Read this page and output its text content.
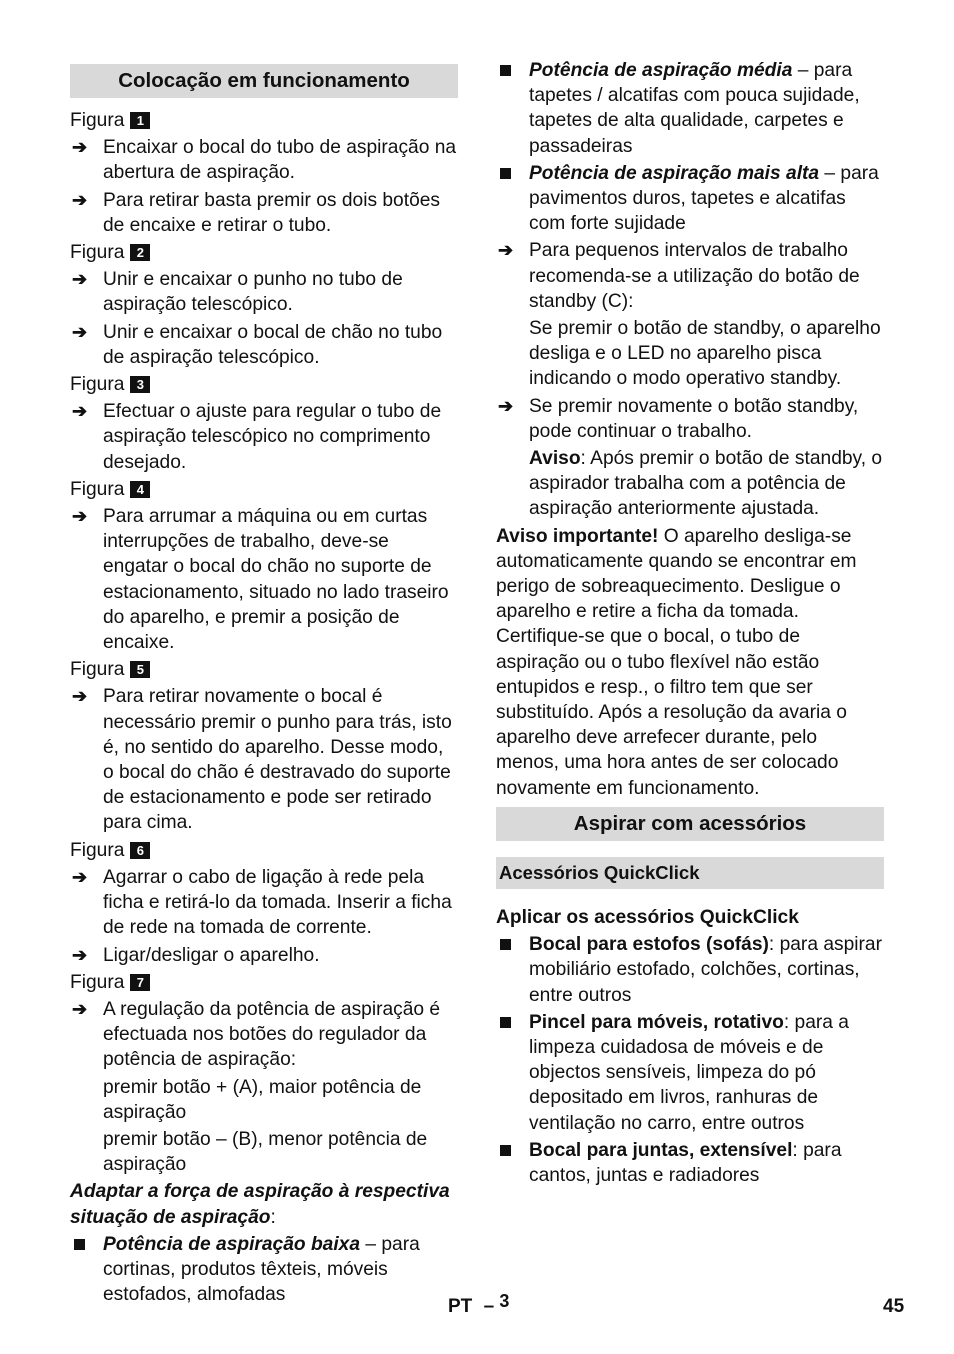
Colocação em funcionamento
Figura 1
➔ Encaixar o bocal do tubo de aspiração na abertura de aspiração.
➔ Para retirar basta premir os dois botões de encaixe e retirar o tubo.
Figura 2
➔ Unir e encaixar o punho no tubo de aspiração telescópico.
➔ Unir e encaixar o bocal de chão no tubo de aspiração telescópico.
Figura 3
➔ Efectuar o ajuste para regular o tubo de aspiração telescópico no comprimento desejado.
Figura 4
➔ Para arrumar a máquina ou em curtas interrupções de trabalho, deve-se engatar o bocal do chão no suporte de estacionamento, situado no lado traseiro do aparelho, e premir a posição de encaixe.
Figura 5
➔ Para retirar novamente o bocal é necessário premir o punho para trás, isto é, no sentido do aparelho. Desse modo, o bocal do chão é destravado do suporte de estacionamento e pode ser retirado para cima.
Figura 6
➔ Agarrar o cabo de ligação à rede pela ficha e retirá-lo da tomada. Inserir a ficha de rede na tomada de corrente.
➔ Ligar/desligar o aparelho.
Figura 7
➔ A regulação da potência de aspiração é efectuada nos botões do regulador da potência de aspiração:

premir botão + (A), maior potência de aspiração

premir botão – (B), menor potência de aspiração

Adaptar a força de aspiração à respectiva situação de aspiração:

Potência de aspiração baixa – para cortinas, produtos têxteis, móveis estofados, almofadas
Potência de aspiração média – para tapetes / alcatifas com pouca sujidade, tapetes de alta qualidade, carpetes e passadeiras
Potência de aspiração mais alta – para pavimentos duros, tapetes e alcatifas com forte sujidade
➔ Para pequenos intervalos de trabalho recomenda-se a utilização do botão de standby (C):

Se premir o botão de standby, o aparelho desliga e o LED no aparelho pisca indicando o modo operativo standby.

➔ Se premir novamente o botão standby, pode continuar o trabalho.

Aviso: Após premir o botão de standby, o aspirador trabalha com a potência de aspiração anteriormente ajustada.

Aviso importante! O aparelho desliga-se automaticamente quando se encontrar em perigo de sobreaquecimento. Desligue o aparelho e retire a ficha da tomada. Certifique-se que o bocal, o tubo de aspiração ou o tubo flexível não estão entupidos e resp., o filtro tem que ser substituído. Após a resolução da avaria o aparelho deve arrefecer durante, pelo menos, uma hora antes de ser colocado novamente em funcionamento.

Aspirar com acessórios
Acessórios QuickClick

Aplicar os acessórios QuickClick

Bocal para estofos (sofás): para aspirar mobiliário estofado, colchões, cortinas, entre outros
Pincel para móveis, rotativo: para a limpeza cuidadosa de móveis e de objectos sensíveis, limpeza do pó depositado em livros, ranhuras de ventilação no carro, entre outros
Bocal para juntas, extensível: para cantos, juntas e radiadores
PT – 3	45
